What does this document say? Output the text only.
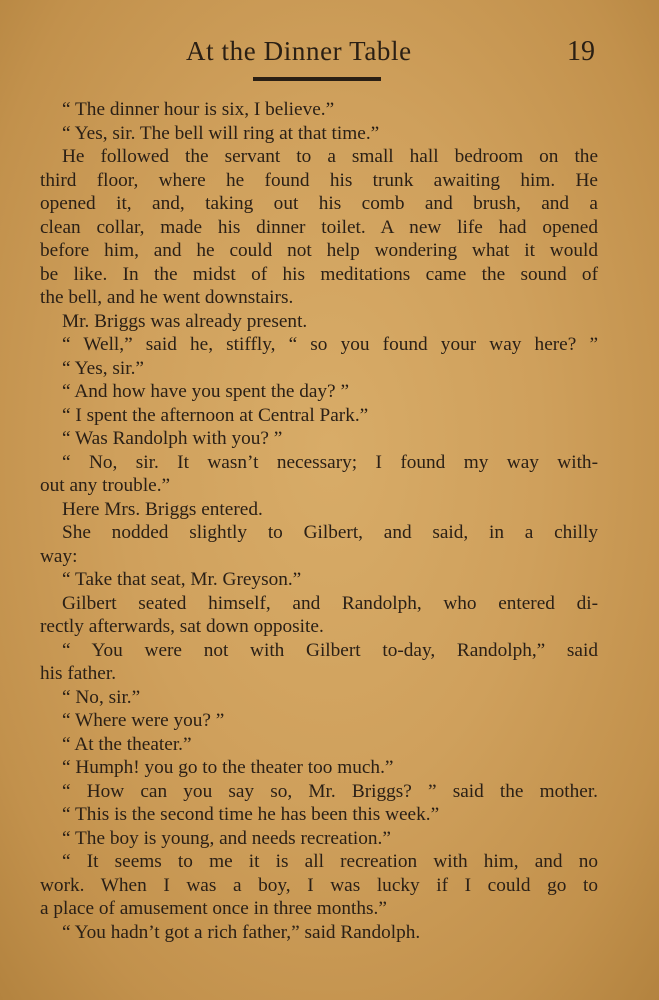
At the Dinner Table	19
“ The dinner hour is six, I believe.”
“ Yes, sir. The bell will ring at that time.”
He followed the servant to a small hall bedroom on the
third floor, where he found his trunk awaiting him. He
opened it, and, taking out his comb and brush, and a
clean collar, made his dinner toilet. A new life had opened
before him, and he could not help wondering what it would
be like. In the midst of his meditations came the sound of
the bell, and he went downstairs.
Mr. Briggs was already present.
“ Well,” said he, stiffly, “ so you found your way here? ”
“ Yes, sir.”
“ And how have you spent the day? ”
“ I spent the afternoon at Central Park.”
“ Was Randolph with you? ”
“ No, sir. It wasn’t necessary; I found my way with-
out any trouble.”
Here Mrs. Briggs entered.
She nodded slightly to Gilbert, and said, in a chilly
way:
“ Take that seat, Mr. Greyson.”
Gilbert seated himself, and Randolph, who entered di-
rectly afterwards, sat down opposite.
“ You were not with Gilbert to-day, Randolph,” said
his father.
“ No, sir.”
“ Where were you? ”
“ At the theater.”
“ Humph! you go to the theater too much.”
“ How can you say so, Mr. Briggs? ” said the mother.
“ This is the second time he has been this week.”
“ The boy is young, and needs recreation.”
“ It seems to me it is all recreation with him, and no
work. When I was a boy, I was lucky if I could go to
a place of amusement once in three months.”
“ You hadn’t got a rich father,” said Randolph.
